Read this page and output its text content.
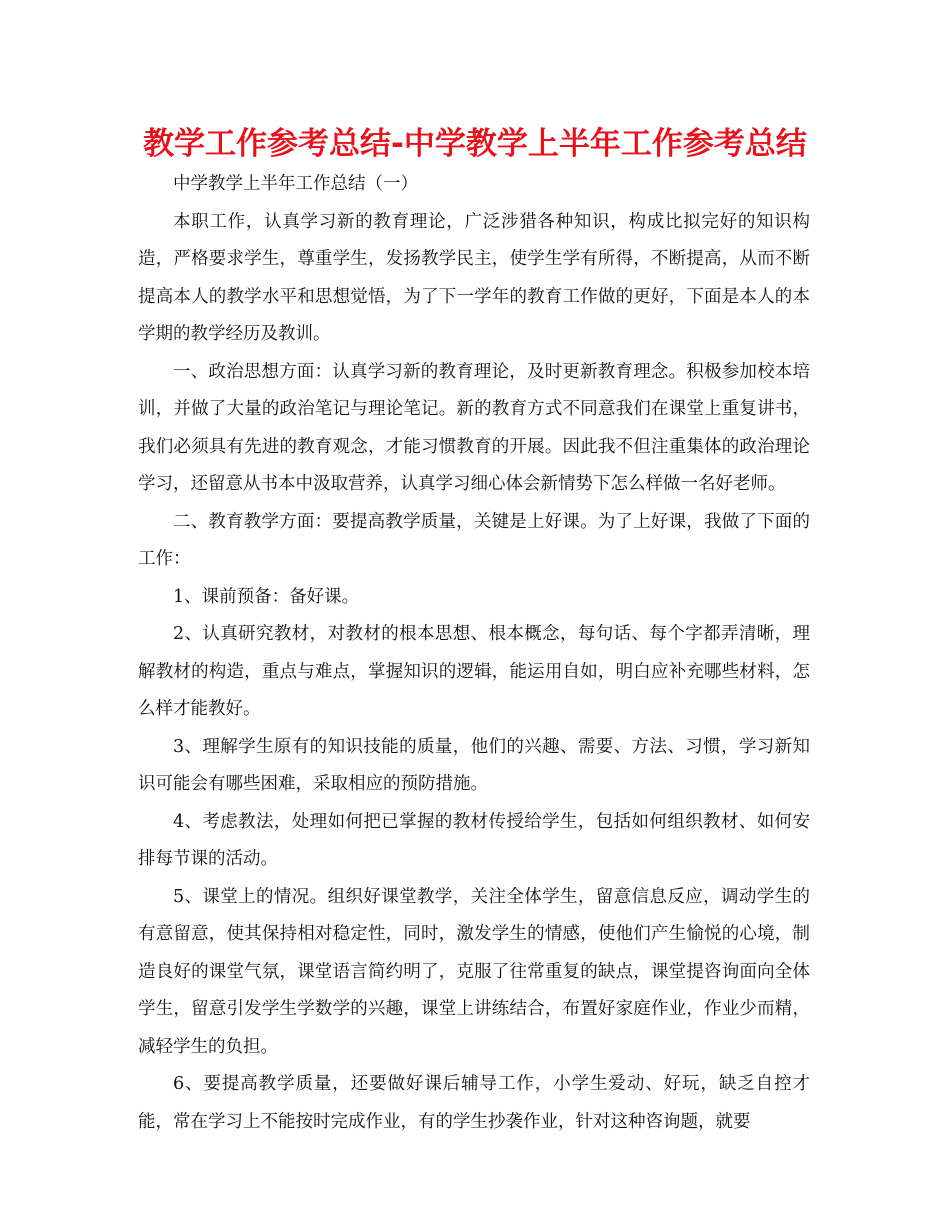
教学工作参考总结-中学教学上半年工作参考总结

中学教学上半年工作总结（一）

本职工作，认真学习新的教育理论，广泛涉猎各种知识，构成比拟完好的知识构造，严格要求学生，尊重学生，发扬教学民主，使学生学有所得，不断提高，从而不断提高本人的教学水平和思想觉悟，为了下一学年的教育工作做的更好，下面是本人的本学期的教学经历及教训。

一、政治思想方面：认真学习新的教育理论，及时更新教育理念。积极参加校本培训，并做了大量的政治笔记与理论笔记。新的教育方式不同意我们在课堂上重复讲书，我们必须具有先进的教育观念，才能习惯教育的开展。因此我不但注重集体的政治理论学习，还留意从书本中汲取营养，认真学习细心体会新情势下怎么样做一名好老师。

二、教育教学方面：要提高教学质量，关键是上好课。为了上好课，我做了下面的工作：

1、课前预备：备好课。

2、认真研究教材，对教材的根本思想、根本概念，每句话、每个字都弄清晰，理解教材的构造，重点与难点，掌握知识的逻辑，能运用自如，明白应补充哪些材料，怎么样才能教好。

3、理解学生原有的知识技能的质量，他们的兴趣、需要、方法、习惯，学习新知识可能会有哪些困难，采取相应的预防措施。

4、考虑教法，处理如何把已掌握的教材传授给学生，包括如何组织教材、如何安排每节课的活动。

5、课堂上的情况。组织好课堂教学，关注全体学生，留意信息反应，调动学生的有意留意，使其保持相对稳定性，同时，激发学生的情感，使他们产生愉悦的心境，制造良好的课堂气氛，课堂语言简约明了，克服了往常重复的缺点，课堂提咨询面向全体学生，留意引发学生学数学的兴趣，课堂上讲练结合，布置好家庭作业，作业少而精，减轻学生的负担。

6、要提高教学质量，还要做好课后辅导工作，小学生爱动、好玩，缺乏自控才能，常在学习上不能按时完成作业，有的学生抄袭作业，针对这种咨询题，就要
